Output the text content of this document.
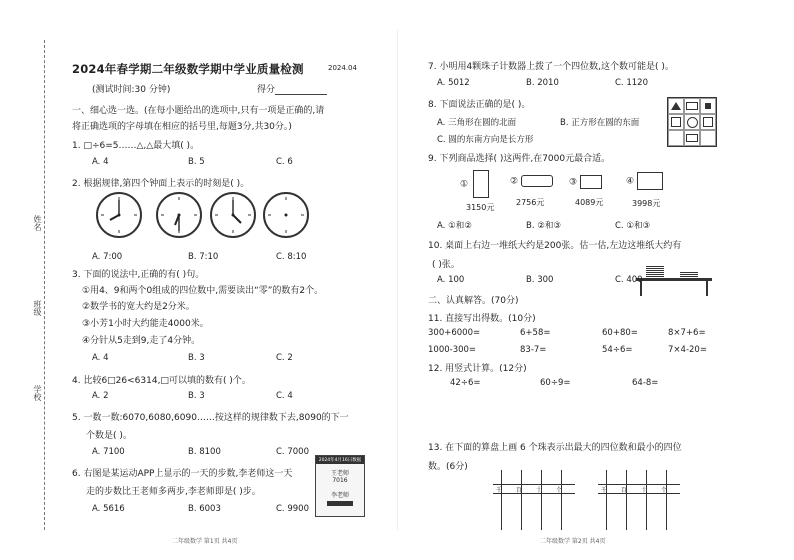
姓名
班级
学校
2024年春学期二年级数学期中学业质量检测	2024.04
(测试时间:30 分钟)	得分
一、细心选一选。(在每小题给出的选项中,只有一项是正确的,请
将正确选项的字母填在相应的括号里,每题3分,共30分。)
1. □÷6=5……△,△最大填( )。
A. 4	B. 5	C. 6
2. 根据规律,第四个钟面上表示的时刻是( )。
A. 7:00	B. 7:10	C. 8:10
3. 下面的说法中,正确的有( )句。
①用4、9和两个0组成的四位数中,需要读出“零”的数有2个。
②数学书的宽大约是2分米。
③小芳1小时大约能走4000米。
④分针从5走到9,走了4分钟。
A. 4	B. 3	C. 2
4. 比较6□26<6314,□可以填的数有( )个。
A. 2	B. 3	C. 4
5. 一数一数:6070,6080,6090……按这样的规律数下去,8090的下一
个数是( )。
A. 7100	B. 8100	C. 7000
6. 右图是某运动APP上显示的一天的步数,李老师这一天
走的步数比王老师多两步,李老师即是( )步。
A. 5616	B. 6003	C. 9900
2024年4月16日数据
王老师
7016
李老师
二年级数学 第1页 共4页
7. 小明用4颗珠子计数器上拨了一个四位数,这个数可能是( )。
A. 5012	B. 2010	C. 1120
8. 下面说法正确的是( )。
A. 三角形在圆的北面	B. 正方形在圆的东面
C. 圆的东南方向是长方形
9. 下列商品选择( )这两件,在7000元最合适。
①
3150元
②
2756元
③
4089元
④
3998元
A. ①和②	B. ②和③	C. ①和③
10. 桌面上右边一堆纸大约是200张。估一估,左边这堆纸大约有
( )张。
A. 100	B. 300	C. 400
二、认真解答。(70分)
11. 直接写出得数。(10分)
300+6000=	6+58=	60+80=	8×7+6=
1000-300=	83-7=	54÷6=	7×4-20=
12. 用竖式计算。(12分)
42÷6=	60÷9=	64-8=
13. 在下面的算盘上画 6 个珠表示出最大的四位数和最小的四位
数。(6分)
千 百 十 个	千 百 十 个
二年级数学 第2页 共4页
